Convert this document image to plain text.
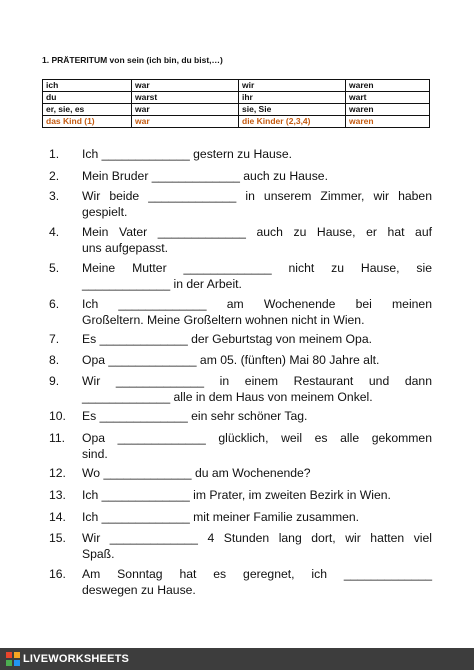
1. PRÄTERITUM von sein (ich bin, du bist,…)
ich	war	wir	waren
du	warst	ihr	wart
er, sie, es	war	sie, Sie	waren
das Kind (1)	war	die Kinder (2,3,4)	waren
1. Ich _____________ gestern zu Hause.
2. Mein Bruder _____________ auch zu Hause.
3. Wir beide _____________ in unserem Zimmer, wir haben
gespielt.
4. Mein Vater _____________ auch zu Hause, er hat auf
uns aufgepasst.
5. Meine Mutter _____________ nicht zu Hause, sie
_____________ in der Arbeit.
6. Ich _____________ am Wochenende bei meinen
Großeltern. Meine Großeltern wohnen nicht in Wien.
7. Es _____________ der Geburtstag von meinem Opa.
8. Opa _____________ am 05. (fünften) Mai 80 Jahre alt.
9. Wir _____________ in einem Restaurant und dann
_____________ alle in dem Haus von meinem Onkel.
10. Es _____________ ein sehr schöner Tag.
11. Opa _____________ glücklich, weil es alle gekommen
sind.
12. Wo _____________ du am Wochenende?
13. Ich _____________ im Prater, im zweiten Bezirk in Wien.
14. Ich _____________ mit meiner Familie zusammen.
15. Wir _____________ 4 Stunden lang dort, wir hatten viel
Spaß.
16. Am Sonntag hat es geregnet, ich _____________
deswegen zu Hause.
LIVEWORKSHEETS
